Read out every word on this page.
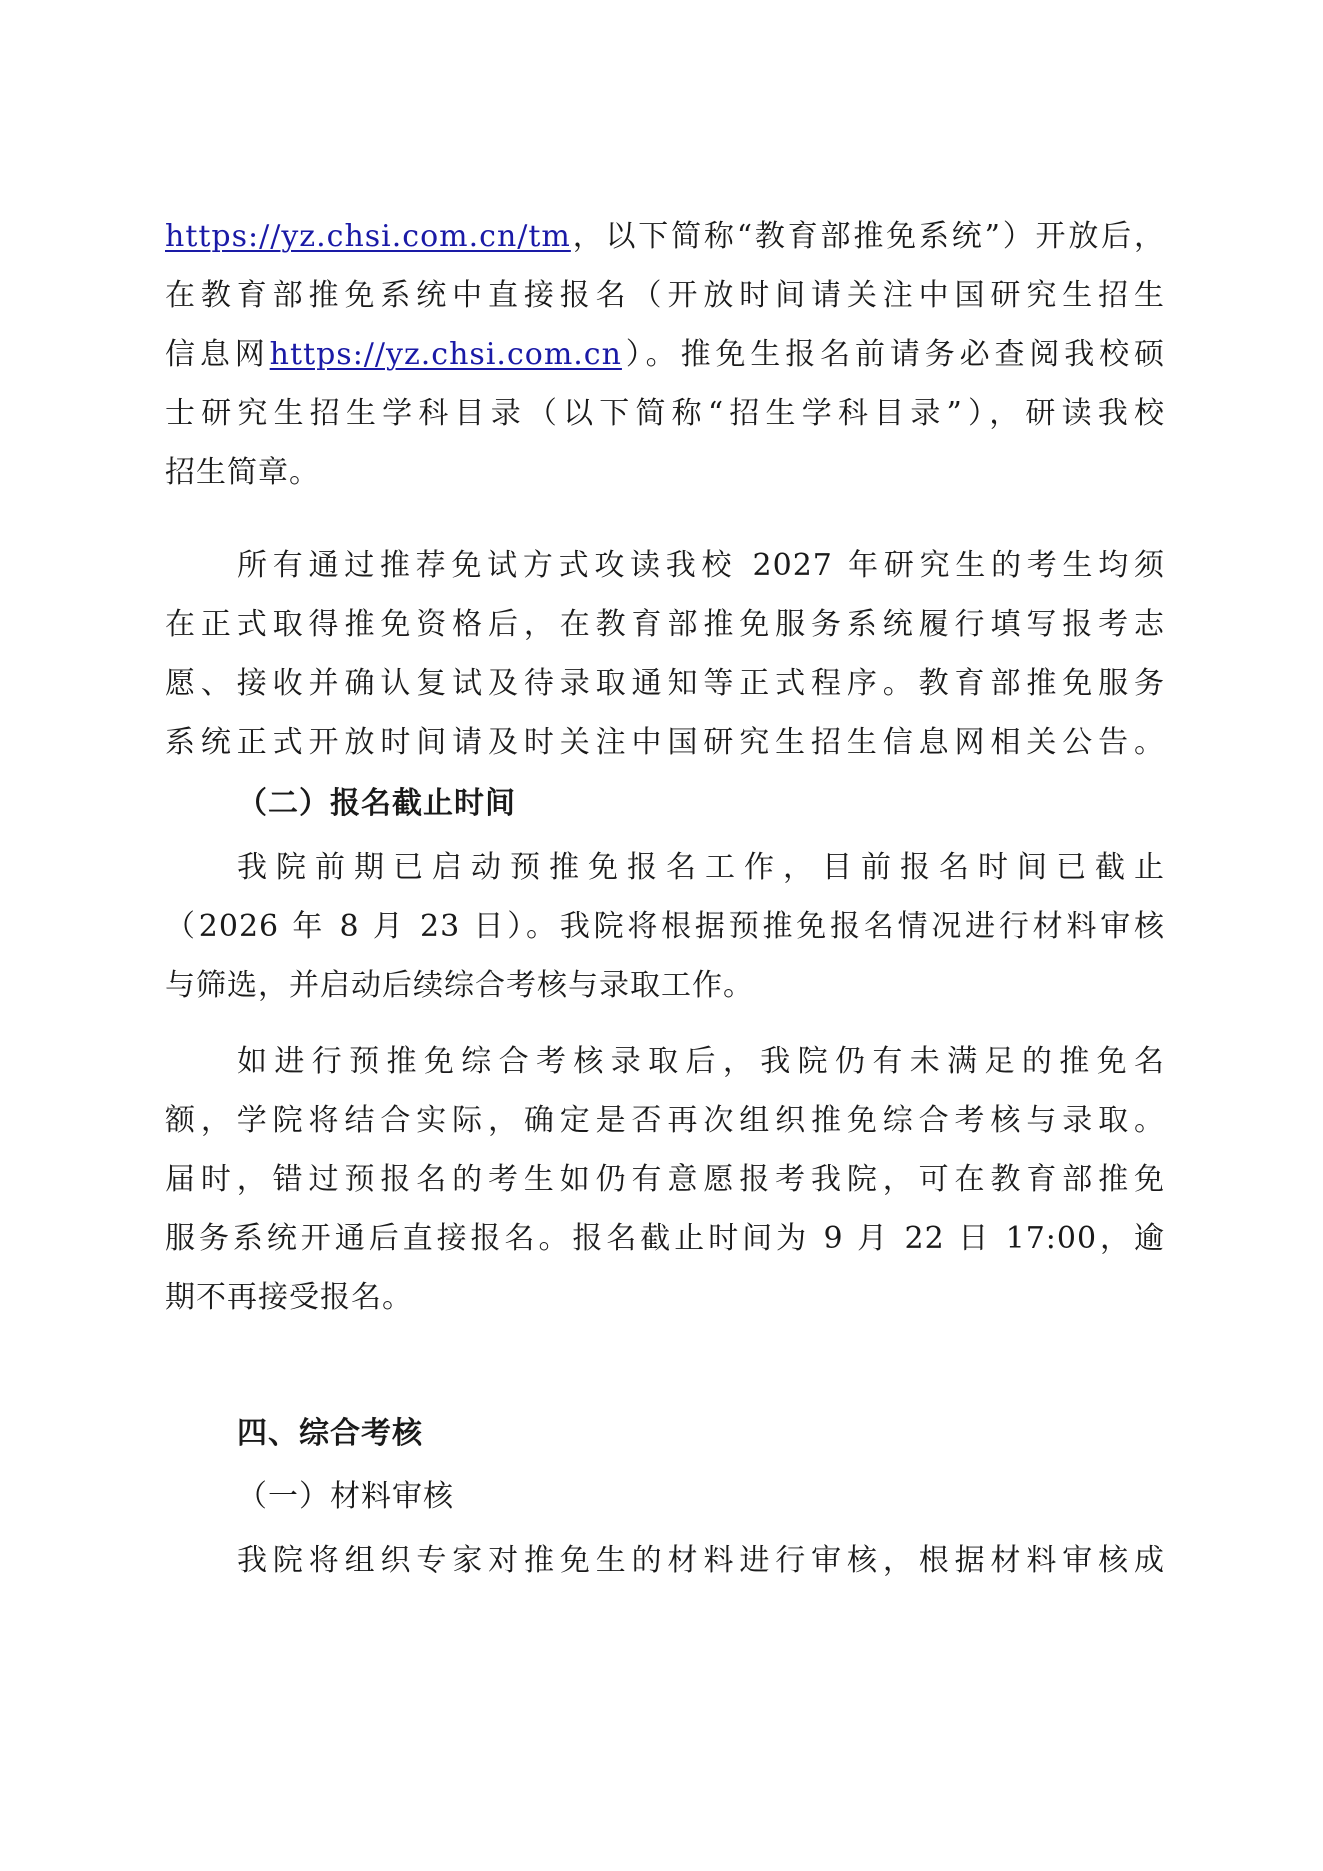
https://yz.chsi.com.cn/tm，以下简称“教育部推免系统”）开放后，
在教育部推免系统中直接报名（开放时间请关注中国研究生招生
信息网https://yz.chsi.com.cn）。推免生报名前请务必查阅我校硕
士研究生招生学科目录（以下简称“招生学科目录”），研读我校
招生简章。
所有通过推荐免试方式攻读我校 2027 年研究生的考生均须
在正式取得推免资格后，在教育部推免服务系统履行填写报考志
愿、接收并确认复试及待录取通知等正式程序。教育部推免服务
系统正式开放时间请及时关注中国研究生招生信息网相关公告。
（二）报名截止时间
我院前期已启动预推免报名工作，目前报名时间已截止
（2026 年 8 月 23 日）。我院将根据预推免报名情况进行材料审核
与筛选，并启动后续综合考核与录取工作。
如进行预推免综合考核录取后，我院仍有未满足的推免名
额，学院将结合实际，确定是否再次组织推免综合考核与录取。
届时，错过预报名的考生如仍有意愿报考我院，可在教育部推免
服务系统开通后直接报名。报名截止时间为 9 月 22 日 17:00，逾
期不再接受报名。
四、综合考核
（一）材料审核
我院将组织专家对推免生的材料进行审核，根据材料审核成
